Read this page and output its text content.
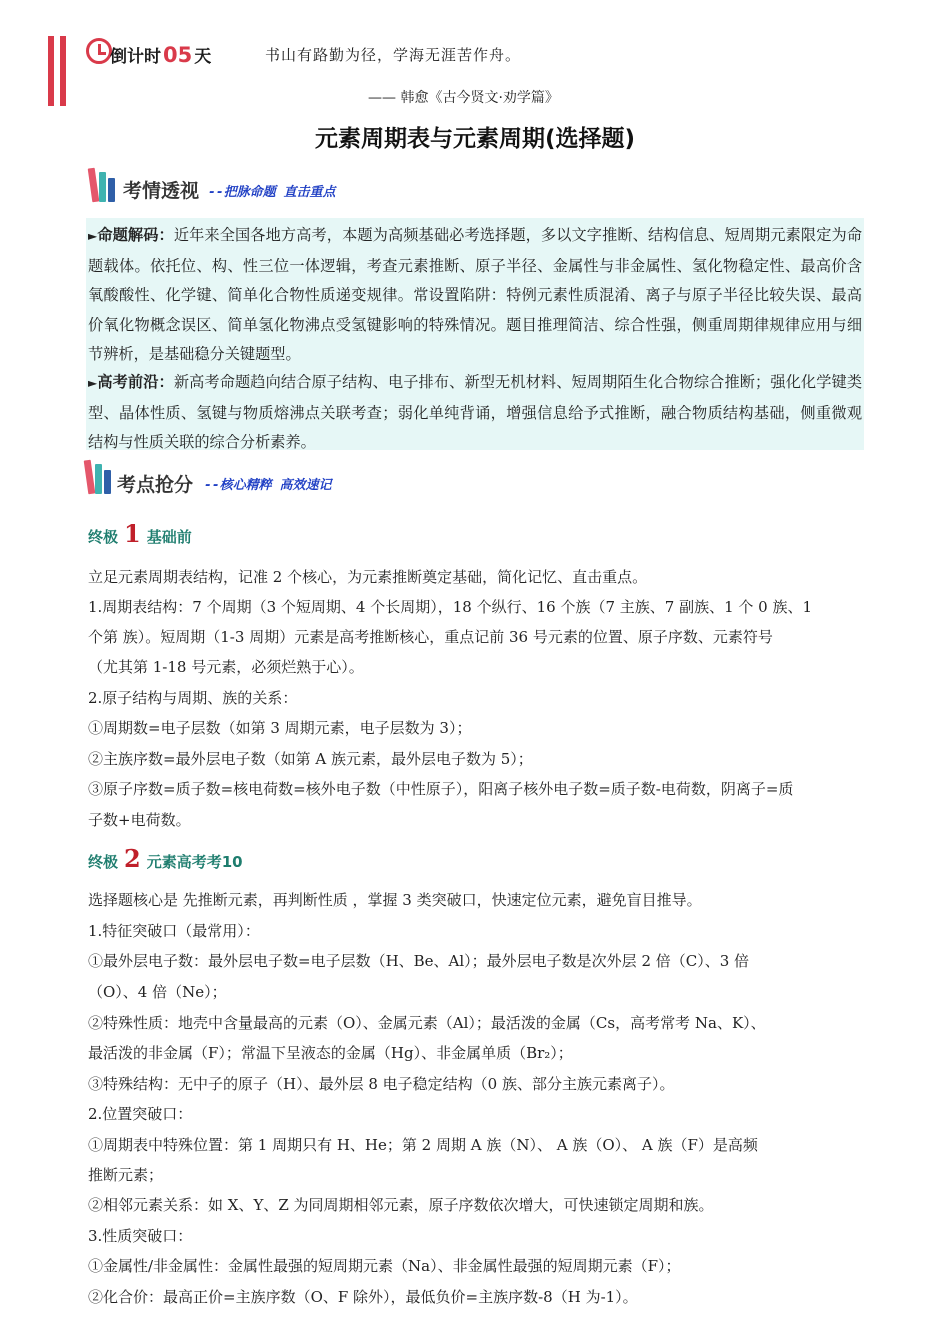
倒计时 05 天	书山有路勤为径，学海无涯苦作舟。
—— 韩愈《古今贤文·劝学篇》
元素周期表与元素周期(选择题)
考情透视 --把脉命题 直击重点
►命题解码：近年来全国各地方高考，本题为高频基础必考选择题，多以文字推断、结构信息、短周期元素限定为命题载体。依托位、构、性三位一体逻辑，考查元素推断、原子半径、金属性与非金属性、氢化物稳定性、最高价含氧酸酸性、化学键、简单化合物性质递变规律。常设置陷阱：特例元素性质混淆、离子与原子半径比较失误、最高价氧化物概念误区、简单氢化物沸点受氢键影响的特殊情况。题目推理简洁、综合性强，侧重周期律规律应用与细节辨析，是基础稳分关键题型。
►高考前沿：新高考命题趋向结合原子结构、电子排布、新型无机材料、短周期陌生化合物综合推断；强化化学键类型、晶体性质、氢键与物质熔沸点关联考查；弱化单纯背诵，增强信息给予式推断，融合物质结构基础，侧重微观结构与性质关联的综合分析素养。
考点抢分 --核心精粹 高效速记
终极 1 基础前
立足元素周期表结构，记准 2 个核心，为元素推断奠定基础，简化记忆、直击重点。
1.周期表结构：7 个周期（3 个短周期、4 个长周期），18 个纵行、16 个族（7 主族、7 副族、1 个 0 族、1
个第 族）。短周期（1-3 周期）元素是高考推断核心，重点记前 36 号元素的位置、原子序数、元素符号
（尤其第 1-18 号元素，必须烂熟于心）。
2.原子结构与周期、族的关系：
①周期数=电子层数（如第 3 周期元素，电子层数为 3）；
②主族序数=最外层电子数（如第 A 族元素，最外层电子数为 5）；
③原子序数=质子数=核电荷数=核外电子数（中性原子），阳离子核外电子数=质子数-电荷数，阴离子=质
子数+电荷数。
终极 2 元素高考考10
选择题核心是 先推断元素，再判断性质 ，掌握 3 类突破口，快速定位元素，避免盲目推导。
1.特征突破口（最常用）：
①最外层电子数：最外层电子数=电子层数（H、Be、Al）；最外层电子数是次外层 2 倍（C）、3 倍
（O）、4 倍（Ne）；
②特殊性质：地壳中含量最高的元素（O）、金属元素（Al）；最活泼的金属（Cs，高考常考 Na、K）、
最活泼的非金属（F）；常温下呈液态的金属（Hg）、非金属单质（Br₂）；
③特殊结构：无中子的原子（H）、最外层 8 电子稳定结构（0 族、部分主族元素离子）。
2.位置突破口：
①周期表中特殊位置：第 1 周期只有 H、He；第 2 周期 A 族（N）、 A 族（O）、 A 族（F）是高频
推断元素；
②相邻元素关系：如 X、Y、Z 为同周期相邻元素，原子序数依次增大，可快速锁定周期和族。
3.性质突破口：
①金属性/非金属性：金属性最强的短周期元素（Na）、非金属性最强的短周期元素（F）；
②化合价：最高正价=主族序数（O、F 除外），最低负价=主族序数-8（H 为-1）。
